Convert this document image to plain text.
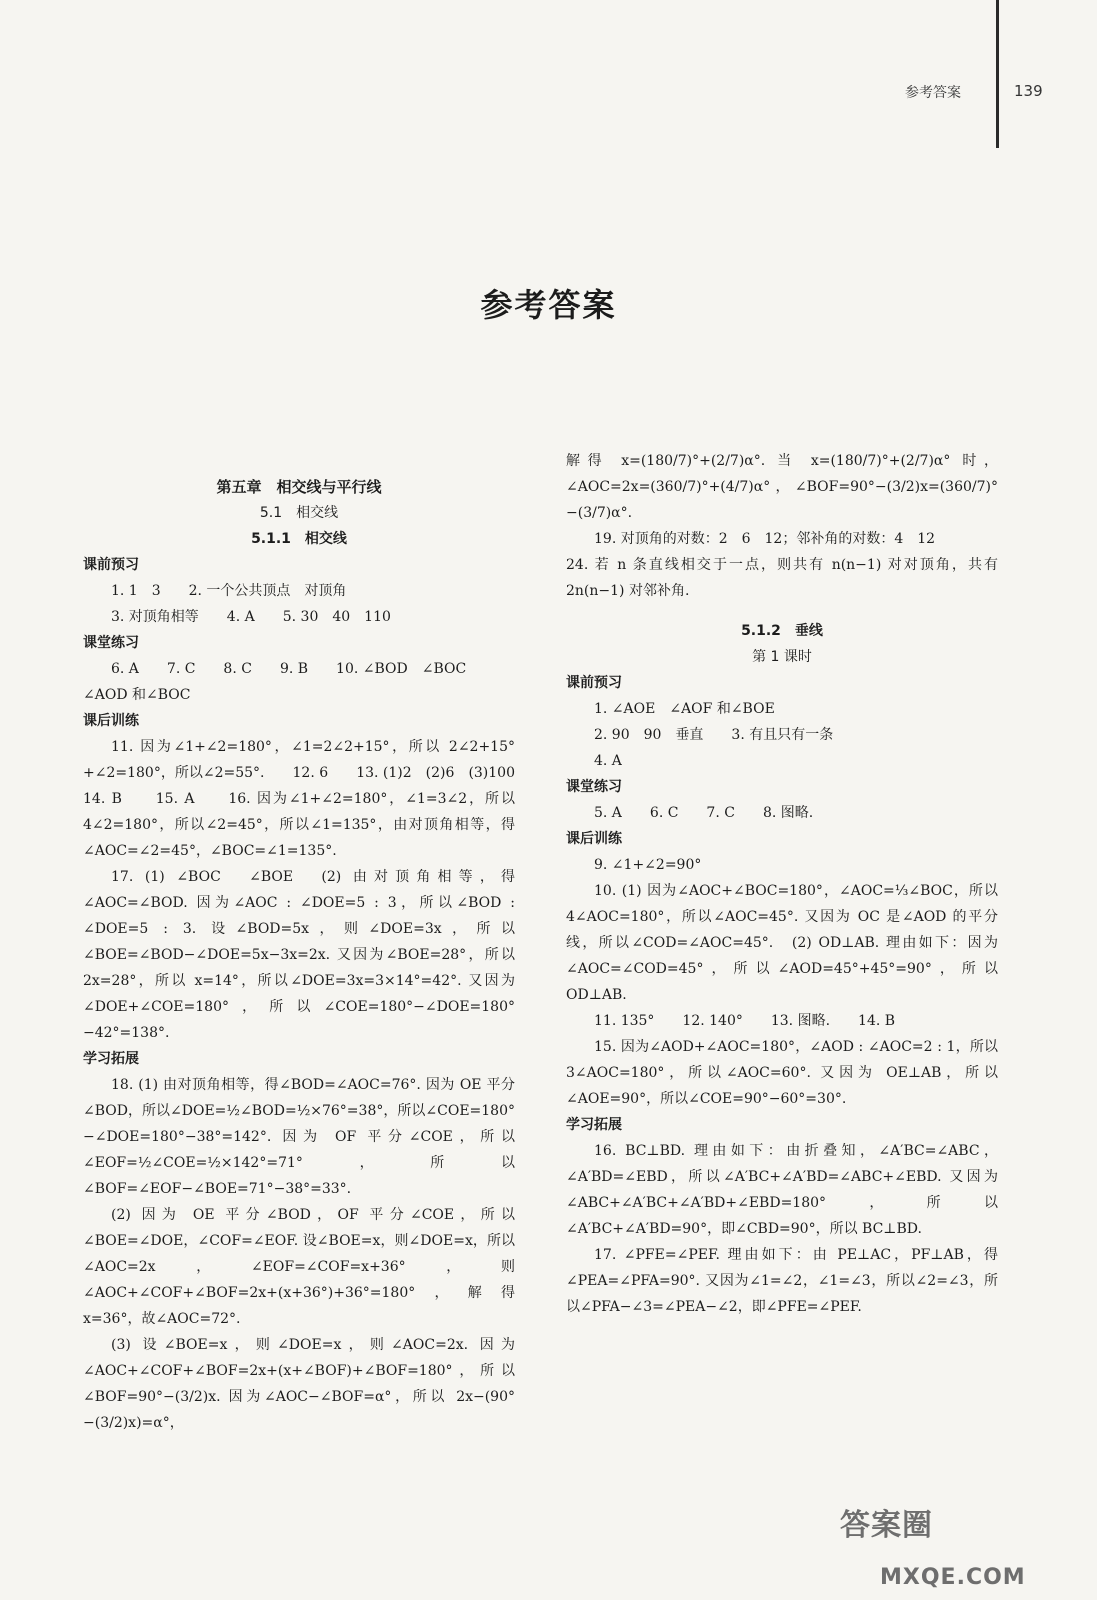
参考答案	139
参考答案

第五章　相交线与平行线

5.1　相交线

5.1.1　相交线

课前预习

1. 1　3　　2. 一个公共顶点　对顶角

3. 对顶角相等　　4. A　　5. 30　40　110

课堂练习

6. A　　7. C　　8. C　　9. B　　10. ∠BOD　∠BOC

∠AOD 和∠BOC

课后训练

11. 因为∠1+∠2=180°，∠1=2∠2+15°，所以 2∠2+15°+∠2=180°，所以∠2=55°.　　12. 6　　13. (1)2　(2)6　(3)100　　14. B　　15. A　　16. 因为∠1+∠2=180°，∠1=3∠2，所以 4∠2=180°，所以∠2=45°，所以∠1=135°，由对顶角相等，得∠AOC=∠2=45°，∠BOC=∠1=135°.

17. (1) ∠BOC　∠BOE　(2) 由对顶角相等，得∠AOC=∠BOD. 因为∠AOC : ∠DOE=5 : 3，所以∠BOD : ∠DOE=5 : 3. 设∠BOD=5x，则∠DOE=3x，所以∠BOE=∠BOD−∠DOE=5x−3x=2x. 又因为∠BOE=28°，所以 2x=28°，所以 x=14°，所以∠DOE=3x=3×14°=42°. 又因为∠DOE+∠COE=180°，所以∠COE=180°−∠DOE=180°−42°=138°.

学习拓展

18. (1) 由对顶角相等，得∠BOD=∠AOC=76°. 因为 OE 平分∠BOD，所以∠DOE=½∠BOD=½×76°=38°，所以∠COE=180°−∠DOE=180°−38°=142°. 因为 OF 平分∠COE，所以∠EOF=½∠COE=½×142°=71°，所以∠BOF=∠EOF−∠BOE=71°−38°=33°.

(2) 因为 OE 平分∠BOD，OF 平分∠COE，所以∠BOE=∠DOE，∠COF=∠EOF. 设∠BOE=x，则∠DOE=x，所以∠AOC=2x，∠EOF=∠COF=x+36°，则∠AOC+∠COF+∠BOF=2x+(x+36°)+36°=180°，解得 x=36°，故∠AOC=72°.

(3) 设∠BOE=x，则∠DOE=x，则∠AOC=2x. 因为∠AOC+∠COF+∠BOF=2x+(x+∠BOF)+∠BOF=180°，所以∠BOF=90°−(3/2)x. 因为∠AOC−∠BOF=α°，所以 2x−(90°−(3/2)x)=α°，

解得 x=(180/7)°+(2/7)α°. 当 x=(180/7)°+(2/7)α° 时，∠AOC=2x=(360/7)°+(4/7)α°，∠BOF=90°−(3/2)x=(360/7)°−(3/7)α°.

19. 对顶角的对数：2　6　12；邻补角的对数：4　12

24. 若 n 条直线相交于一点，则共有 n(n−1) 对对顶角，共有 2n(n−1) 对邻补角.

5.1.2　垂线

第 1 课时

课前预习

1. ∠AOE　∠AOF 和∠BOE

2. 90　90　垂直　　3. 有且只有一条

4. A

课堂练习

5. A　　6. C　　7. C　　8. 图略.

课后训练

9. ∠1+∠2=90°

10. (1) 因为∠AOC+∠BOC=180°，∠AOC=⅓∠BOC，所以 4∠AOC=180°，所以∠AOC=45°. 又因为 OC 是∠AOD 的平分线，所以∠COD=∠AOC=45°.　(2) OD⊥AB. 理由如下：因为∠AOC=∠COD=45°，所以∠AOD=45°+45°=90°，所以 OD⊥AB.

11. 135°　　12. 140°　　13. 图略.　　14. B

15. 因为∠AOD+∠AOC=180°，∠AOD : ∠AOC=2 : 1，所以 3∠AOC=180°，所以∠AOC=60°. 又因为 OE⊥AB，所以∠AOE=90°，所以∠COE=90°−60°=30°.

学习拓展

16. BC⊥BD. 理由如下：由折叠知，∠A′BC=∠ABC，∠A′BD=∠EBD，所以∠A′BC+∠A′BD=∠ABC+∠EBD. 又因为∠ABC+∠A′BC+∠A′BD+∠EBD=180°，所以∠A′BC+∠A′BD=90°，即∠CBD=90°，所以 BC⊥BD.

17. ∠PFE=∠PEF. 理由如下：由 PE⊥AC，PF⊥AB，得∠PEA=∠PFA=90°. 又因为∠1=∠2，∠1=∠3，所以∠2=∠3，所以∠PFA−∠3=∠PEA−∠2，即∠PFE=∠PEF.

答案圈
MXQE.COM
